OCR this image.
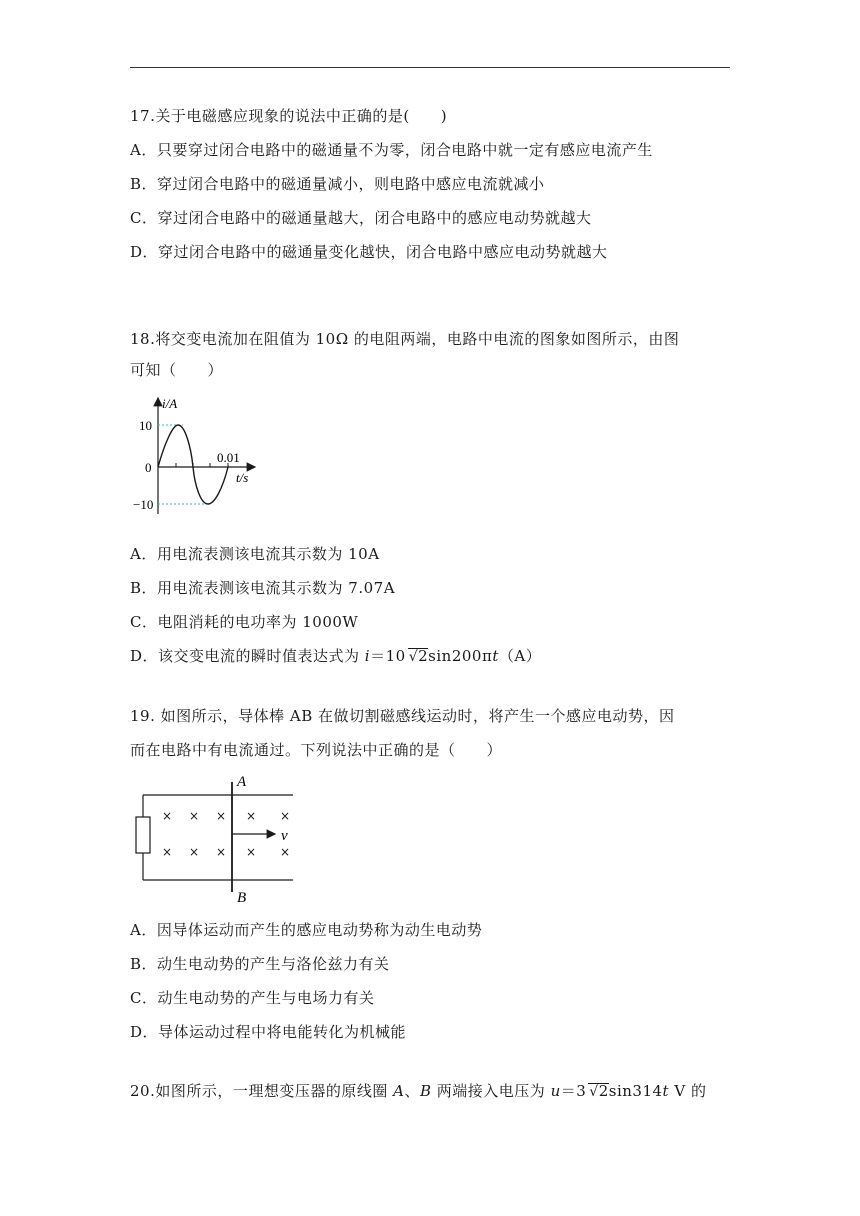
17.关于电磁感应现象的说法中正确的是(　　)
A．只要穿过闭合电路中的磁通量不为零，闭合电路中就一定有感应电流产生
B．穿过闭合电路中的磁通量减小，则电路中感应电流就减小
C．穿过闭合电路中的磁通量越大，闭合电路中的感应电动势就越大
D．穿过闭合电路中的磁通量变化越快，闭合电路中感应电动势就越大
18.将交变电流加在阻值为 10Ω 的电阻两端，电路中电流的图象如图所示，由图
可知（　　）
i/A
10
0
−10
0.01
t/s
A．用电流表测该电流其示数为 10A
B．用电流表测该电流其示数为 7.07A
C．电阻消耗的电功率为 1000W
D．该交变电流的瞬时值表达式为 i＝10 √2sin200πt（A）
19. 如图所示，导体棒 AB 在做切割磁感线运动时，将产生一个感应电动势，因
而在电路中有电流通过。下列说法中正确的是（　　）
× × × × ×
× × × × ×
A
B
v
A．因导体运动而产生的感应电动势称为动生电动势
B．动生电动势的产生与洛伦兹力有关
C．动生电动势的产生与电场力有关
D．导体运动过程中将电能转化为机械能
20.如图所示，一理想变压器的原线圈 A、B 两端接入电压为 u＝3 √2sin314t V 的
